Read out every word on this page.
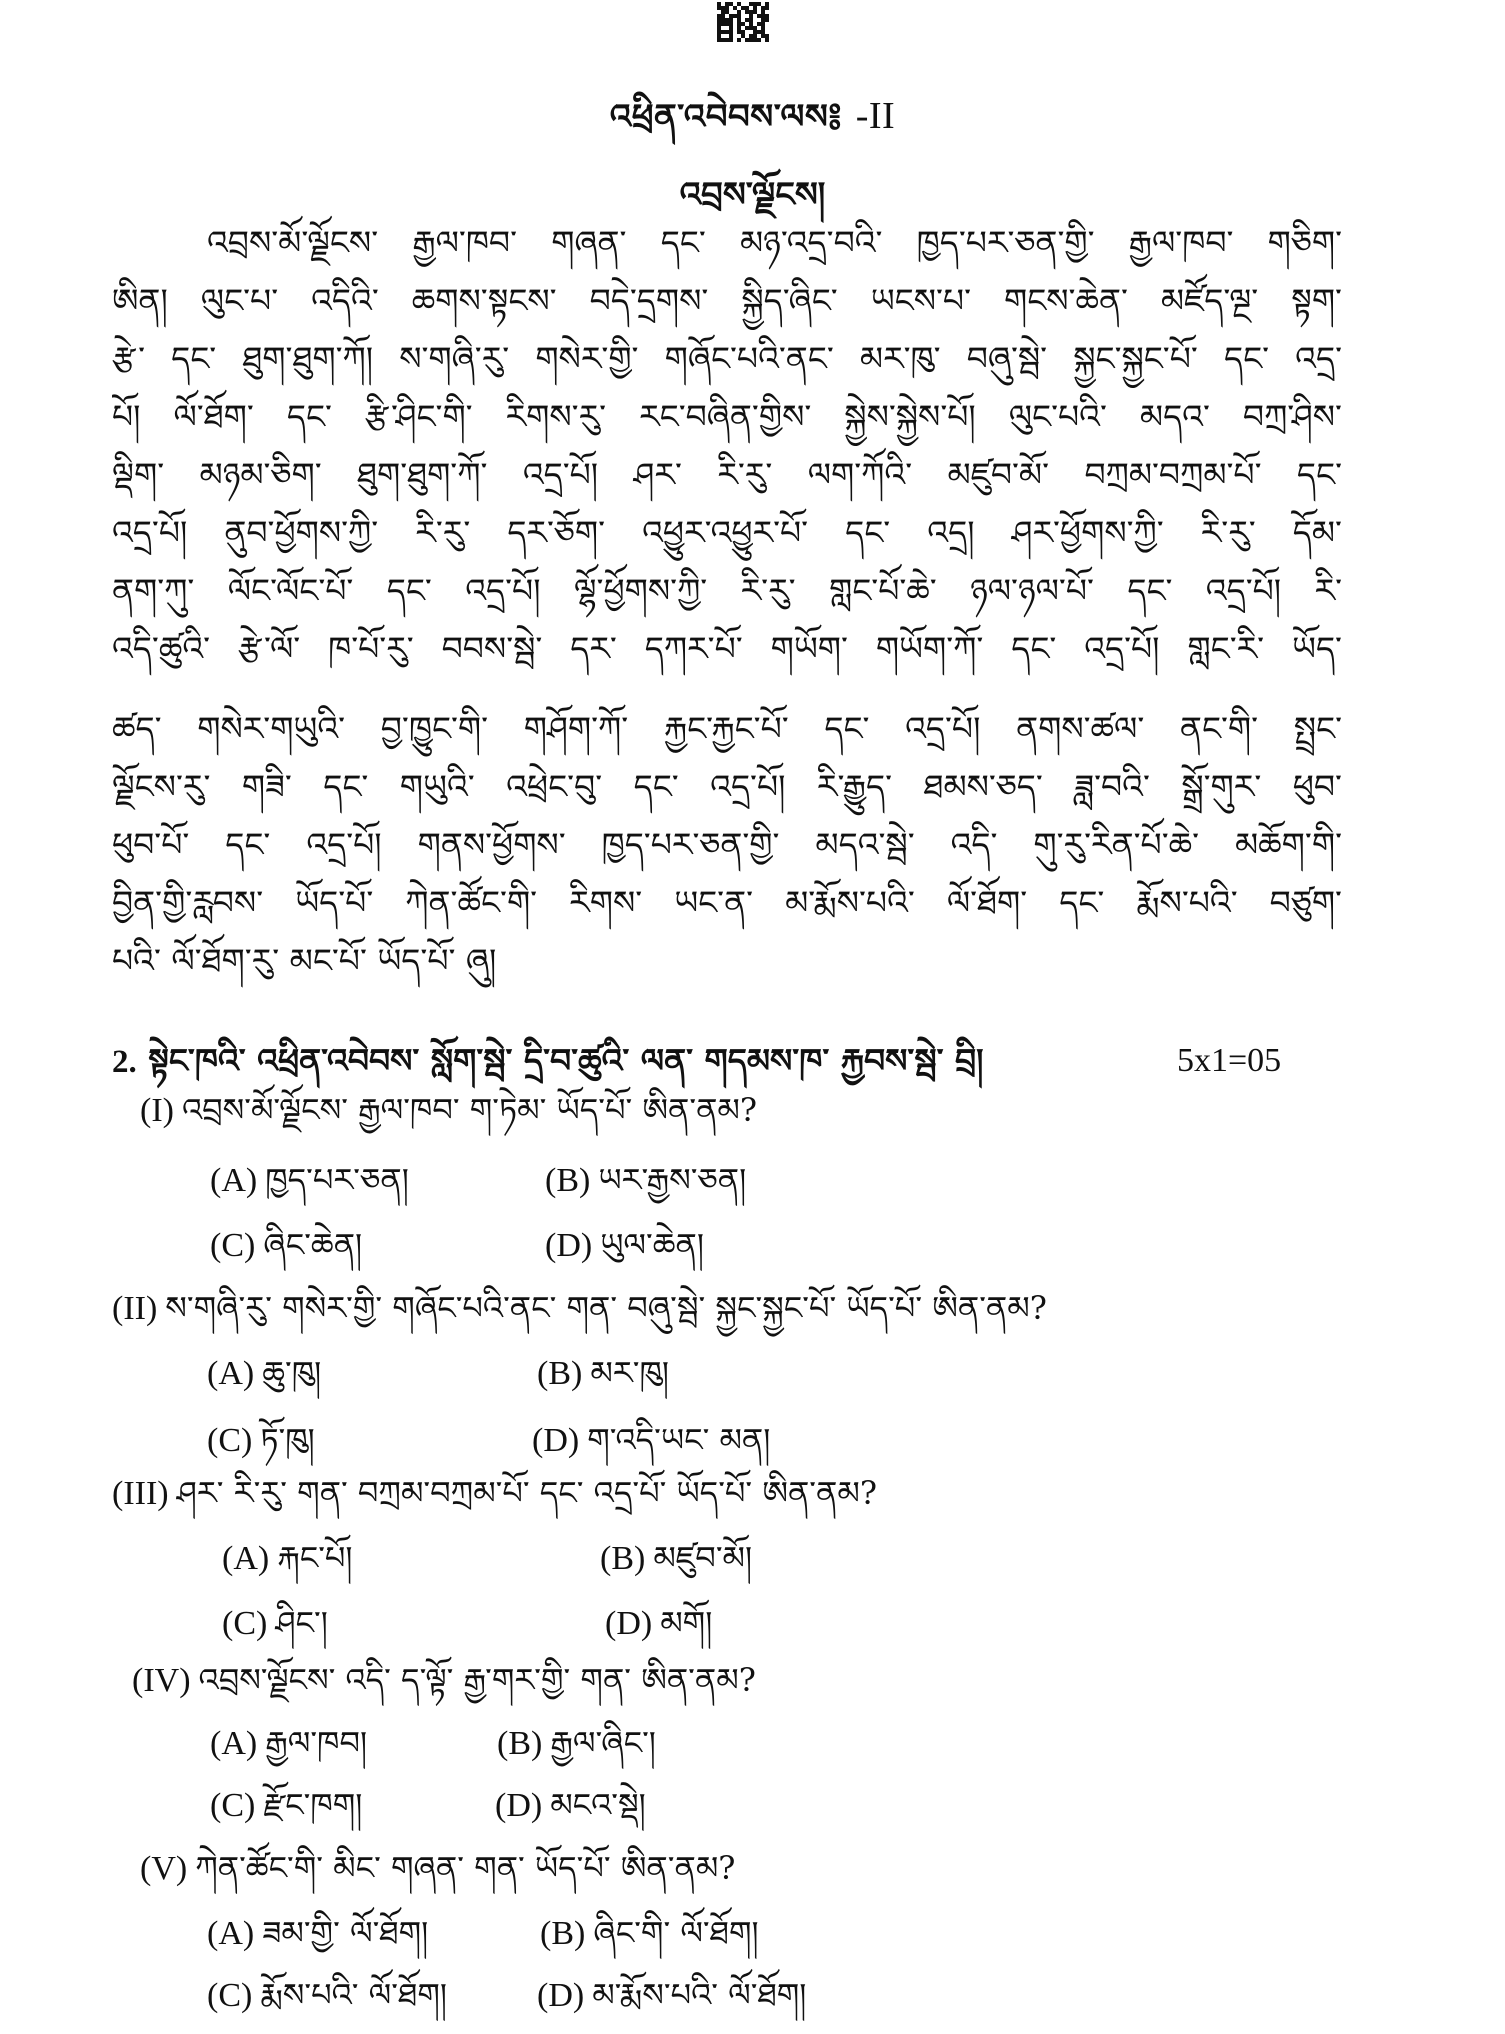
འཕྲིན་འབེབས་ལས༔ -II
འབྲས་ལྗོངས།
འབྲས་མོ་ལྗོངས་ རྒྱལ་ཁབ་ གཞན་ དང་ མཉ་འདྲ་བའི་ ཁྱད་པར་ཅན་གྱི་ རྒྱལ་ཁབ་ གཅིག་
ཨིན། ལུང་པ་ འདིའི་ ཆགས་སྟངས་ བདེ་དྲགས་ སྐྱིད་ཞིང་ ཡངས་པ་ གངས་ཆེན་ མཛོད་ལྔ་ སྟག་
རྩེ་ དང་ ཐུག་ཐུག་ཀོ། ས་གཞི་རུ་ གསེར་གྱི་ གཞོང་པའི་ནང་ མར་ཁུ་ བཞུ་སྦེ་ སྐྱང་སྐྱང་པོ་ དང་ འདྲ་
པོ། ལོ་ཐོག་ དང་ རྩི་ཤིང་གི་ རིགས་རུ་ རང་བཞིན་གྱིས་ སྐྱེས་སྐྱེས་པོ། ལུང་པའི་ མདའ་ བཀྲ་ཤིས་
ལྡིག་ མཉམ་ཅིག་ ཐུག་ཐུག་ཀོ་ འདྲ་པོ། ཤར་ རི་རུ་ ལག་ཀོའི་ མཛུབ་མོ་ བཀྲམ་བཀྲམ་པོ་ དང་
འདྲ་པོ། ནུབ་ཕྱོགས་ཀྱི་ རི་རུ་ དར་ཅོག་ འཕྱུར་འཕྱུར་པོ་ དང་ འདྲ། ཤར་ཕྱོགས་ཀྱི་ རི་རུ་ དོམ་
ནག་ཀུ་ ལོང་ལོང་པོ་ དང་ འདྲ་པོ། ལྷོ་ཕྱོགས་ཀྱི་ རི་རུ་ གླང་པོ་ཆེ་ ཉལ་ཉལ་པོ་ དང་ འདྲ་པོ། རི་
འདི་ཚུའི་ རྩེ་ལོ་ ཁ་པོ་རུ་ བབས་སྦེ་ དར་ དཀར་པོ་ གཡོག་ གཡོག་ཀོ་ དང་ འདྲ་པོ། གླང་རི་ ཡོད་
ཚད་ གསེར་གཡུའི་ བྱ་ཁྱུང་གི་ གཤོག་ཀོ་ རྐྱང་རྐྱང་པོ་ དང་ འདྲ་པོ། ནགས་ཚལ་ ནང་གི་ སྤྲང་
ལྗོངས་རུ་ གཟི་ དང་ གཡུའི་ འཕྲེང་བུ་ དང་ འདྲ་པོ། རི་རྒྱུད་ ཐམས་ཅད་ ཟླ་བའི་ སྒྲོ་གུར་ ཕུབ་
ཕུབ་པོ་ དང་ འདྲ་པོ། གནས་ཕྱོགས་ ཁྱད་པར་ཅན་གྱི་ མདའ་སྦེ་ འདི་ གུ་རུ་རིན་པོ་ཆེ་ མཆོག་གི་
བྱིན་གྱི་རླབས་ ཡོད་པོ་ ཀེན་ཚོང་གི་ རིགས་ ཡང་ན་ མ་རྨོས་པའི་ ལོ་ཐོག་ དང་ རྨོས་པའི་ བཙུག་
པའི་ ལོ་ཐོག་རུ་ མང་པོ་ ཡོད་པོ་ ཞུ།
2. སྟེང་ཁའི་ འཕྲིན་འབེབས་ སློག་སྦེ་ དྲི་བ་ཚུའི་ ལན་ གདམས་ཁ་ རྐྱབས་སྦེ་ བྲི།	5x1=05
(I) འབྲས་མོ་ལྗོངས་ རྒྱལ་ཁབ་ ག་ཏེམ་ ཡོད་པོ་ ཨིན་ནམ?
(A) ཁྱད་པར་ཅན།	(B) ཡར་རྒྱས་ཅན།
(C) ཞིང་ཆེན།	(D) ཡུལ་ཆེན།
(II) ས་གཞི་རུ་ གསེར་གྱི་ གཞོང་པའི་ནང་ གན་ བཞུ་སྦེ་ སྐྱང་སྐྱང་པོ་ ཡོད་པོ་ ཨིན་ནམ?
(A) ཆུ་ཁུ།	(B) མར་ཁུ།
(C) ཏོ་ཁུ།	(D) ག་འདི་ཡང་ མན།
(III) ཤར་ རི་རུ་ གན་ བཀྲམ་བཀྲམ་པོ་ དང་ འདྲ་པོ་ ཡོད་པོ་ ཨིན་ནམ?
(A) རྐང་པོ།	(B) མཛུབ་མོ།
(C) ཤིང་།	(D) མགོ།
(IV) འབྲས་ལྗོངས་ འདི་ ད་ལྟོ་ རྒྱ་གར་གྱི་ གན་ ཨིན་ནམ?
(A) རྒྱལ་ཁབ།	(B) རྒྱལ་ཞིང་།
(C) རྫོང་ཁག།	(D) མངའ་སྡེ།
(V) ཀེན་ཚོང་གི་ མིང་ གཞན་ གན་ ཡོད་པོ་ ཨིན་ནམ?
(A) ཟམ་གྱི་ ལོ་ཐོག།	(B) ཞིང་གི་ ལོ་ཐོག།
(C) རྨོས་པའི་ ལོ་ཐོག།	(D) མ་རྨོས་པའི་ ལོ་ཐོག།
